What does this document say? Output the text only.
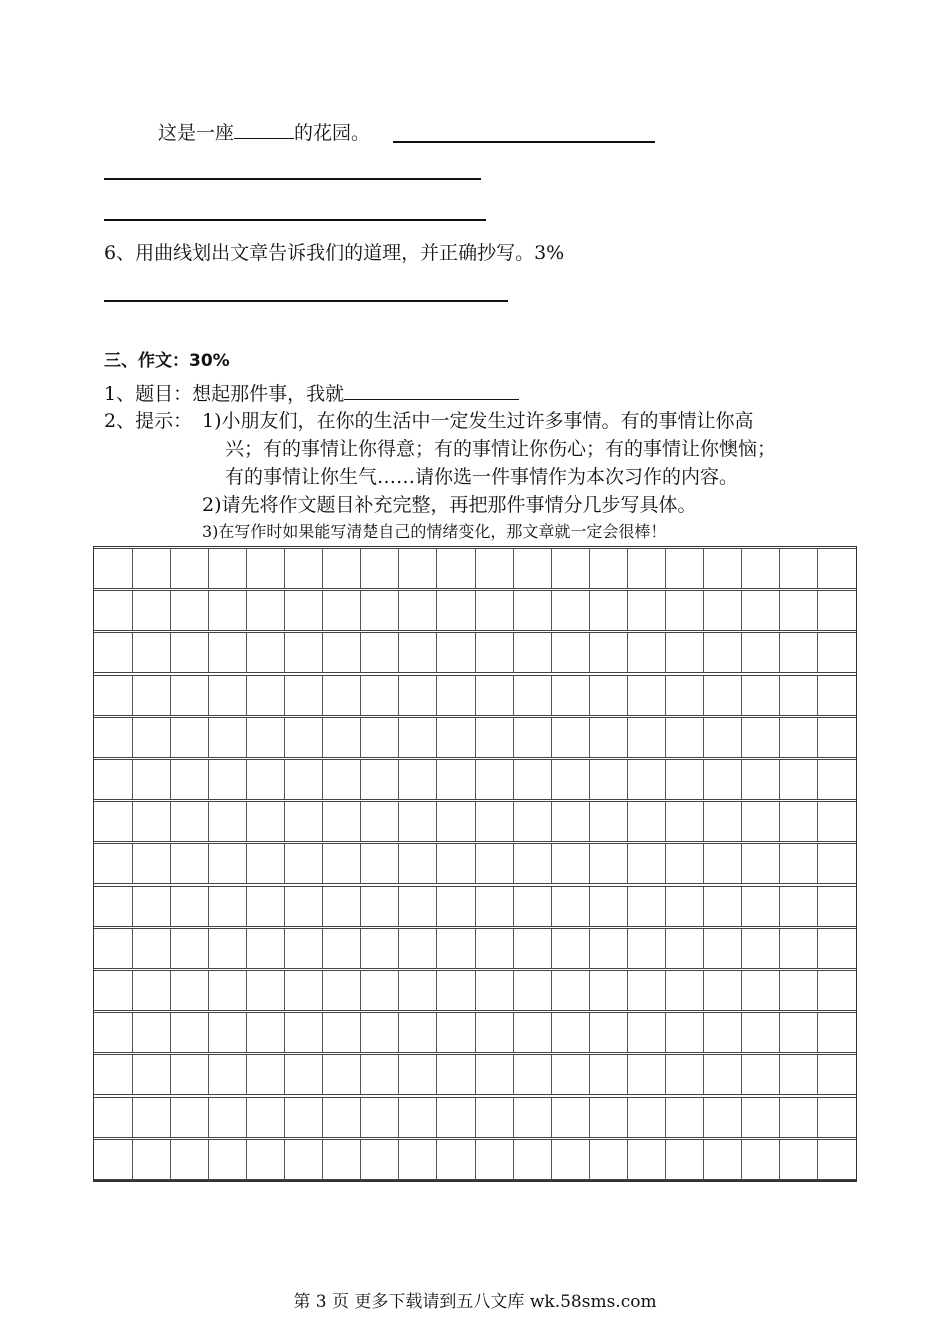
这是一座	的花园。
6、用曲线划出文章告诉我们的道理，并正确抄写。3%
三、作文：30%
1、题目：想起那件事，我就
2、提示： 1)小朋友们，在你的生活中一定发生过许多事情。有的事情让你高
兴；有的事情让你得意；有的事情让你伤心；有的事情让你懊恼；
有的事情让你生气……请你选一件事情作为本次习作的内容。
2)请先将作文题目补充完整，再把那件事情分几步写具体。
3)在写作时如果能写清楚自己的情绪变化，那文章就一定会很棒！
第 3 页 更多下载请到五八文库 wk.58sms.com
